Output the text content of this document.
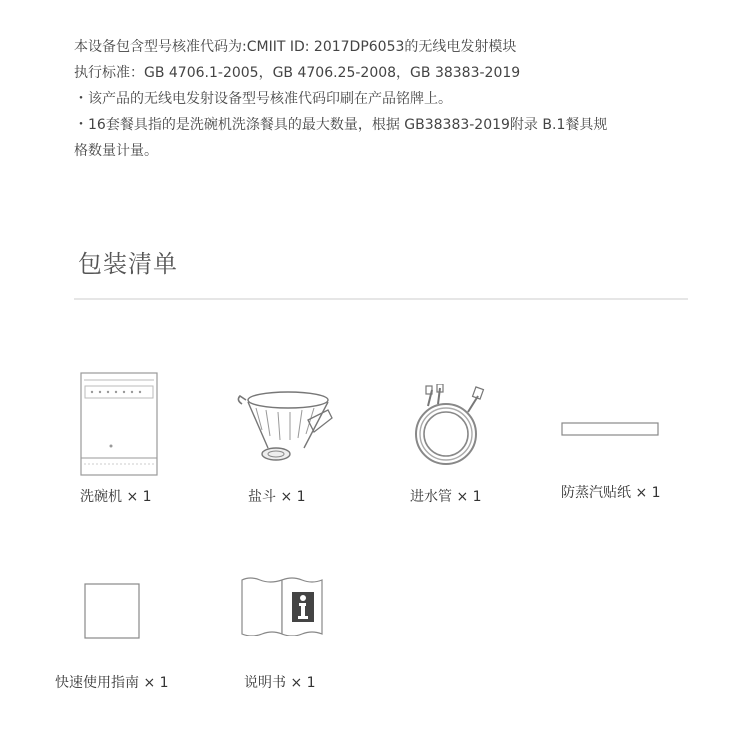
本设备包含型号核准代码为:CMIIT ID: 2017DP6053的无线电发射模块

执行标准：GB 4706.1-2005，GB 4706.25-2008，GB 38383-2019

・该产品的无线电发射设备型号核准代码印刷在产品铭牌上。

・16套餐具指的是洗碗机洗涤餐具的最大数量，根据 GB38383-2019附录 B.1餐具规

格数量计量。

包装清单
洗碗机 × 1	盐斗 × 1	进水管 × 1	防蒸汽贴纸 × 1
快速使用指南 × 1	说明书 × 1
